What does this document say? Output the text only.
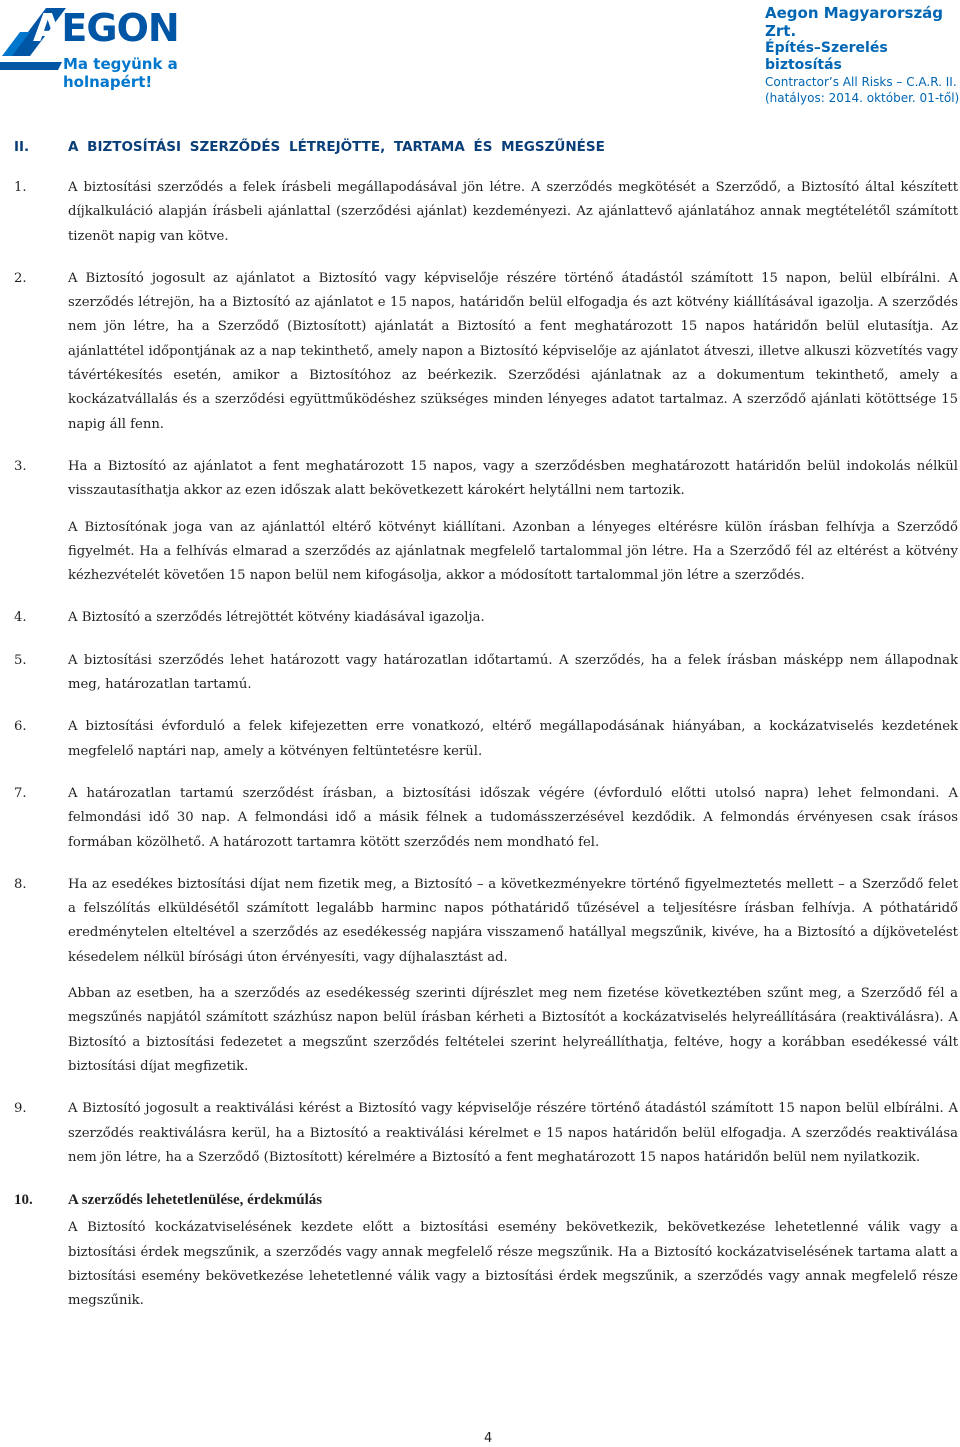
AEGON
Ma tegyünk a holnapért!
Aegon Magyarország Zrt.
Építés–Szerelés biztosítás
Contractor’s All Risks – C.A.R. II.
(hatályos: 2014. október. 01-től)
II.	A BIZTOSÍTÁSI SZERZŐDÉS LÉTREJÖTTE, TARTAMA ÉS MEGSZŰNÉSE
1.	A biztosítási szerződés a felek írásbeli megállapodásával jön létre. A szerződés megkötését a Szerződő, a Biztosító által készített díjkalkuláció alapján írásbeli ajánlattal (szerződési ajánlat) kezdeményezi. Az ajánlattevő ajánlatához annak megtételétől számított tizenöt napig van kötve.

2.	A Biztosító jogosult az ajánlatot a Biztosító vagy képviselője részére történő átadástól számított 15 napon, belül elbírálni. A szerződés létrejön, ha a Biztosító az ajánlatot e 15 napos, határidőn belül elfogadja és azt kötvény kiállításával igazolja. A szerződés nem jön létre, ha a Szerződő (Biztosított) ajánlatát a Biztosító a fent meghatározott 15 napos határidőn belül elutasítja. Az ajánlattétel időpontjának az a nap tekinthető, amely napon a Biztosító képviselője az ajánlatot átveszi, illetve alkuszi közvetítés vagy távértékesítés esetén, amikor a Biztosítóhoz az beérkezik. Szerződési ajánlatnak az a dokumentum tekinthető, amely a kockázatvállalás és a szerződési együttműködéshez szükséges minden lényeges adatot tartalmaz. A szerződő ajánlati kötöttsége 15 napig áll fenn.

3.	Ha a Biztosító az ajánlatot a fent meghatározott 15 napos, vagy a szerződésben meghatározott határidőn belül indokolás nélkül visszautasíthatja akkor az ezen időszak alatt bekövetkezett károkért helytállni nem tartozik.

A Biztosítónak joga van az ajánlattól eltérő kötvényt kiállítani. Azonban a lényeges eltérésre külön írásban felhívja a Szerződő figyelmét. Ha a felhívás elmarad a szerződés az ajánlatnak megfelelő tartalommal jön létre. Ha a Szerződő fél az eltérést a kötvény kézhezvételét követően 15 napon belül nem kifogásolja, akkor a módosított tartalommal jön létre a szerződés.

4.	A Biztosító a szerződés létrejöttét kötvény kiadásával igazolja.

5.	A biztosítási szerződés lehet határozott vagy határozatlan időtartamú. A szerződés, ha a felek írásban másképp nem állapodnak meg, határozatlan tartamú.

6.	A biztosítási évforduló a felek kifejezetten erre vonatkozó, eltérő megállapodásának hiányában, a kockázatviselés kezdetének megfelelő naptári nap, amely a kötvényen feltüntetésre kerül.

7.	A határozatlan tartamú szerződést írásban, a biztosítási időszak végére (évforduló előtti utolsó napra) lehet felmondani. A felmondási idő 30 nap. A felmondási idő a másik félnek a tudomásszerzésével kezdődik. A felmondás érvényesen csak írásos formában közölhető. A határozott tartamra kötött szerződés nem mondható fel.

8.	Ha az esedékes biztosítási díjat nem fizetik meg, a Biztosító – a következményekre történő figyelmeztetés mellett – a Szerződő felet a felszólítás elküldésétől számított legalább harminc napos póthatáridő tűzésével a teljesítésre írásban felhívja. A póthatáridő eredménytelen elteltével a szerződés az esedékesség napjára visszamenő hatállyal megszűnik, kivéve, ha a Biztosító a díjkövetelést késedelem nélkül bírósági úton érvényesíti, vagy díjhalasztást ad.

Abban az esetben, ha a szerződés az esedékesség szerinti díjrészlet meg nem fizetése következtében szűnt meg, a Szerződő fél a megszűnés napjától számított százhúsz napon belül írásban kérheti a Biztosítót a kockázatviselés helyreállítására (reaktiválásra). A Biztosító a biztosítási fedezetet a megszűnt szerződés feltételei szerint helyreállíthatja, feltéve, hogy a korábban esedékessé vált biztosítási díjat megfizetik.

9.	A Biztosító jogosult a reaktiválási kérést a Biztosító vagy képviselője részére történő átadástól számított 15 napon belül elbírálni. A szerződés reaktiválásra kerül, ha a Biztosító a reaktiválási kérelmet e 15 napos határidőn belül elfogadja. A szerződés reaktiválása nem jön létre, ha a Szerződő (Biztosított) kérelmére a Biztosító a fent meghatározott 15 napos határidőn belül nem nyilatkozik.

10.	A szerződés lehetetlenülése, érdekmúlás

A Biztosító kockázatviselésének kezdete előtt a biztosítási esemény bekövetkezik, bekövetkezése lehetetlenné válik vagy a biztosítási érdek megszűnik, a szerződés vagy annak megfelelő része megszűnik. Ha a Biztosító kockázatviselésének tartama alatt a biztosítási esemény bekövetkezése lehetetlenné válik vagy a biztosítási érdek megszűnik, a szerződés vagy annak megfelelő része megszűnik.

4
